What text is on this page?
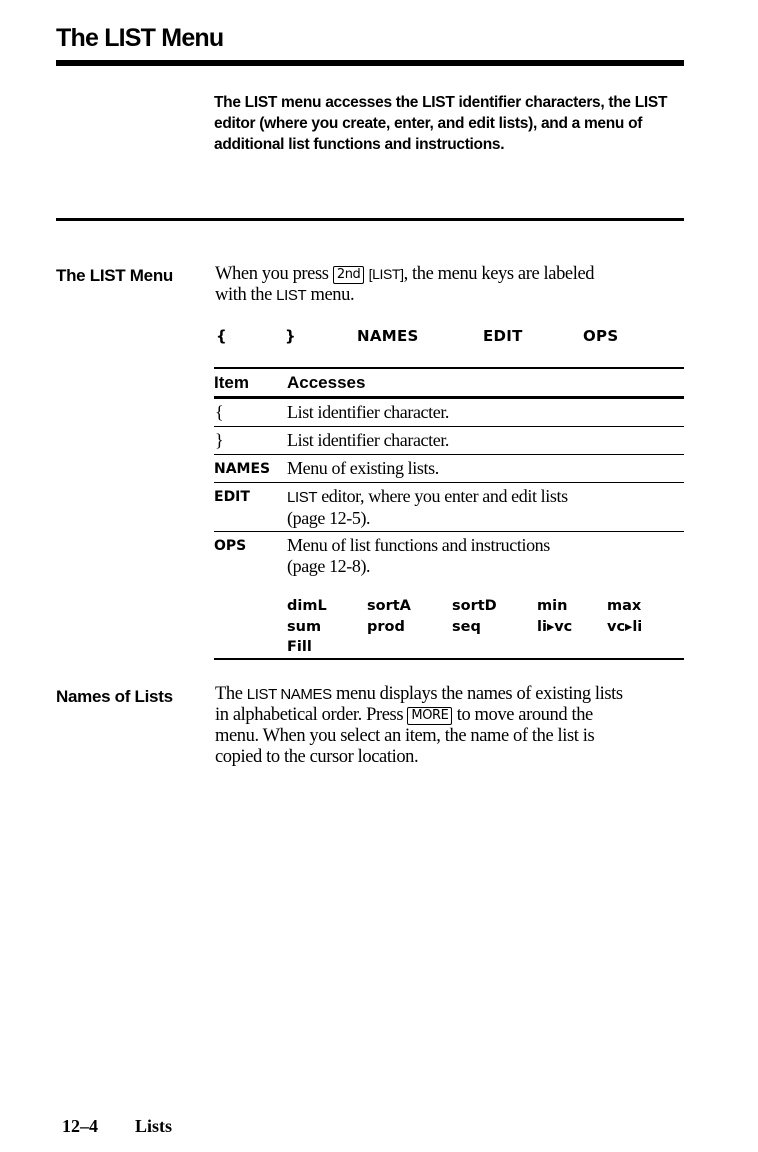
The LIST Menu
The LIST menu accesses the LIST identifier characters, the LIST editor (where you create, enter, and edit lists), and a menu of additional list functions and instructions.
The LIST Menu When you press 2nd [LIST], the menu keys are labeled
with the LIST menu.
{	}	NAMES	EDIT	OPS
Item Accesses
{	List identifier character.
}	List identifier character.
NAMES Menu of existing lists.
EDIT LIST editor, where you enter and edit lists
(page 12-5).
OPS Menu of list functions and instructions
(page 12-8).
dimL	sortA	sortD	min	max
sum	prod	seq	li▸vc vc▸li
Fill
Names of Lists The LIST NAMES menu displays the names of existing lists
in alphabetical order. Press MORE to move around the
menu. When you select an item, the name of the list is
copied to the cursor location.
12–4 Lists
